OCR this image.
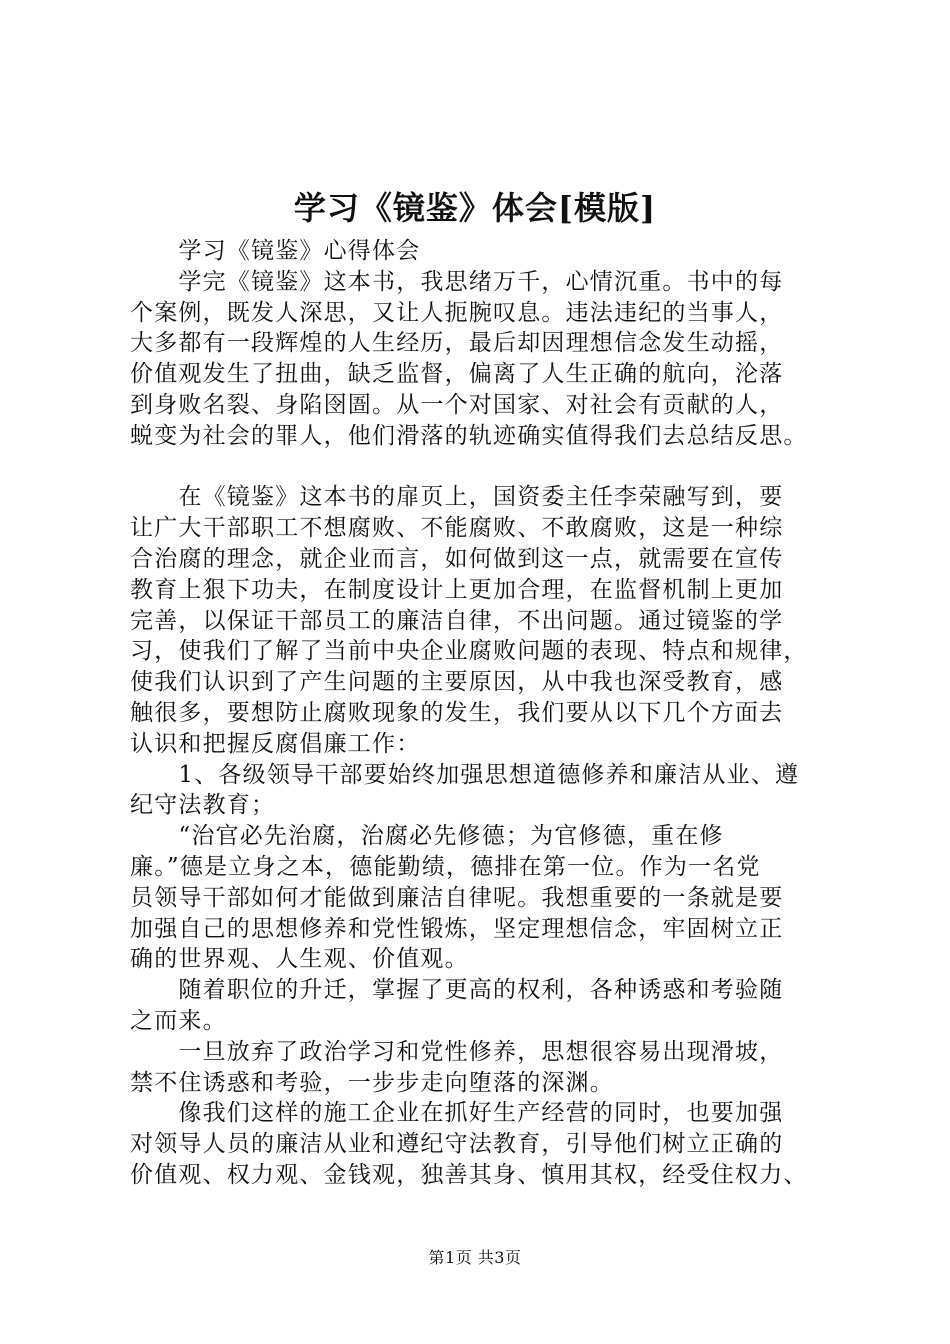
学习《镜鉴》体会[模版]
　　学习《镜鉴》心得体会
　　学完《镜鉴》这本书，我思绪万千，心情沉重。书中的每
个案例，既发人深思，又让人扼腕叹息。违法违纪的当事人，
大多都有一段辉煌的人生经历，最后却因理想信念发生动摇，
价值观发生了扭曲，缺乏监督，偏离了人生正确的航向，沦落
到身败名裂、身陷囹圄。从一个对国家、对社会有贡献的人，
蜕变为社会的罪人，他们滑落的轨迹确实值得我们去总结反思。
　　在《镜鉴》这本书的扉页上，国资委主任李荣融写到，要
让广大干部职工不想腐败、不能腐败、不敢腐败，这是一种综
合治腐的理念，就企业而言，如何做到这一点，就需要在宣传
教育上狠下功夫，在制度设计上更加合理，在监督机制上更加
完善，以保证干部员工的廉洁自律，不出问题。通过镜鉴的学
习，使我们了解了当前中央企业腐败问题的表现、特点和规律，
使我们认识到了产生问题的主要原因，从中我也深受教育，感
触很多，要想防止腐败现象的发生，我们要从以下几个方面去
认识和把握反腐倡廉工作：
　　1、各级领导干部要始终加强思想道德修养和廉洁从业、遵
纪守法教育；
　　“治官必先治腐，治腐必先修德；为官修德，重在修
廉。”德是立身之本，德能勤绩，德排在第一位。作为一名党
员领导干部如何才能做到廉洁自律呢。我想重要的一条就是要
加强自己的思想修养和党性锻炼，坚定理想信念，牢固树立正
确的世界观、人生观、价值观。
　　随着职位的升迁，掌握了更高的权利，各种诱惑和考验随
之而来。
　　一旦放弃了政治学习和党性修养，思想很容易出现滑坡，
禁不住诱惑和考验，一步步走向堕落的深渊。
　　像我们这样的施工企业在抓好生产经营的同时，也要加强
对领导人员的廉洁从业和遵纪守法教育，引导他们树立正确的
价值观、权力观、金钱观，独善其身、慎用其权，经受住权力、
第1页 共3页
